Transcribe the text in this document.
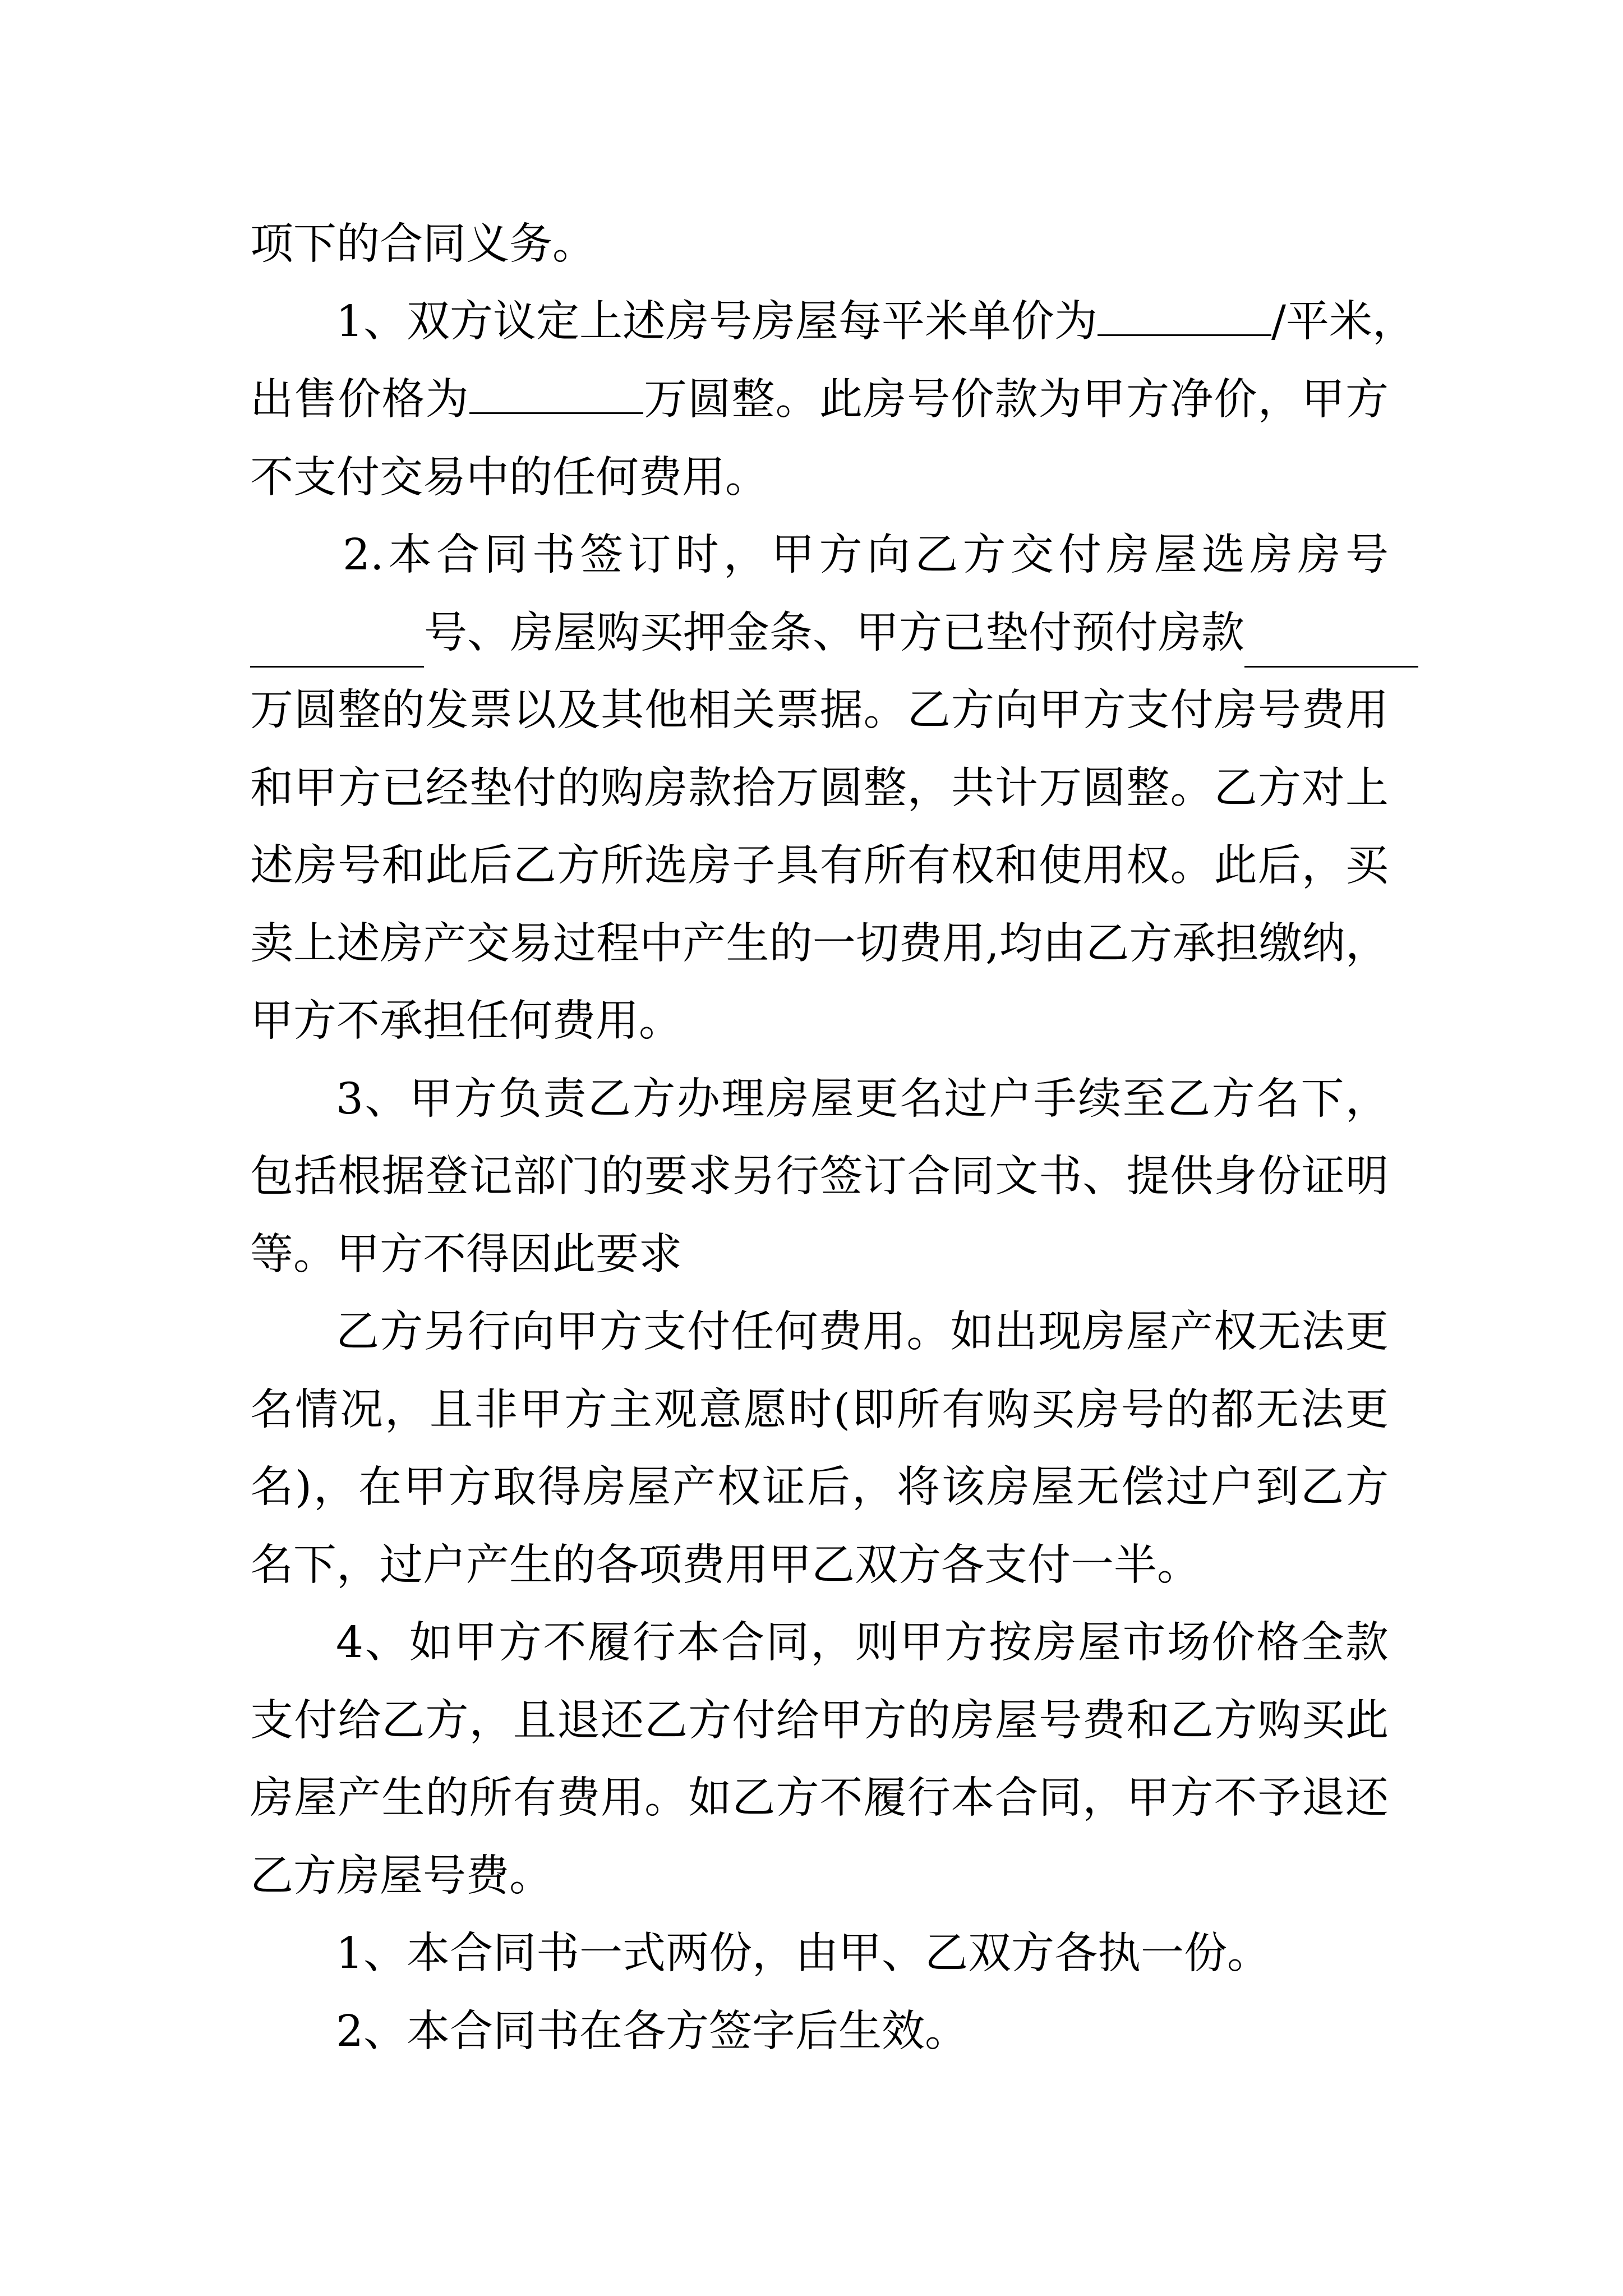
项下的合同义务。
1、双方议定上述房号房屋每平米单价为	/平米，
出售价格为	万圆整。此房号价款为甲方净价，甲方
不支付交易中的任何费用。
2.本合同书签订时，甲方向乙方交付房屋选房房号
号、房屋购买押金条、甲方已垫付预付房款
万圆整的发票以及其他相关票据。乙方向甲方支付房号费用
和甲方已经垫付的购房款拾万圆整，共计万圆整。乙方对上
述房号和此后乙方所选房子具有所有权和使用权。此后，买
卖上述房产交易过程中产生的一切费用,均由乙方承担缴纳，
甲方不承担任何费用。
3、甲方负责乙方办理房屋更名过户手续至乙方名下，
包括根据登记部门的要求另行签订合同文书、提供身份证明
等。甲方不得因此要求
乙方另行向甲方支付任何费用。如出现房屋产权无法更
名情况，且非甲方主观意愿时(即所有购买房号的都无法更
名)，在甲方取得房屋产权证后，将该房屋无偿过户到乙方
名下，过户产生的各项费用甲乙双方各支付一半。
4、如甲方不履行本合同，则甲方按房屋市场价格全款
支付给乙方，且退还乙方付给甲方的房屋号费和乙方购买此
房屋产生的所有费用。如乙方不履行本合同，甲方不予退还
乙方房屋号费。
1、本合同书一式两份，由甲、乙双方各执一份。
2、本合同书在各方签字后生效。
